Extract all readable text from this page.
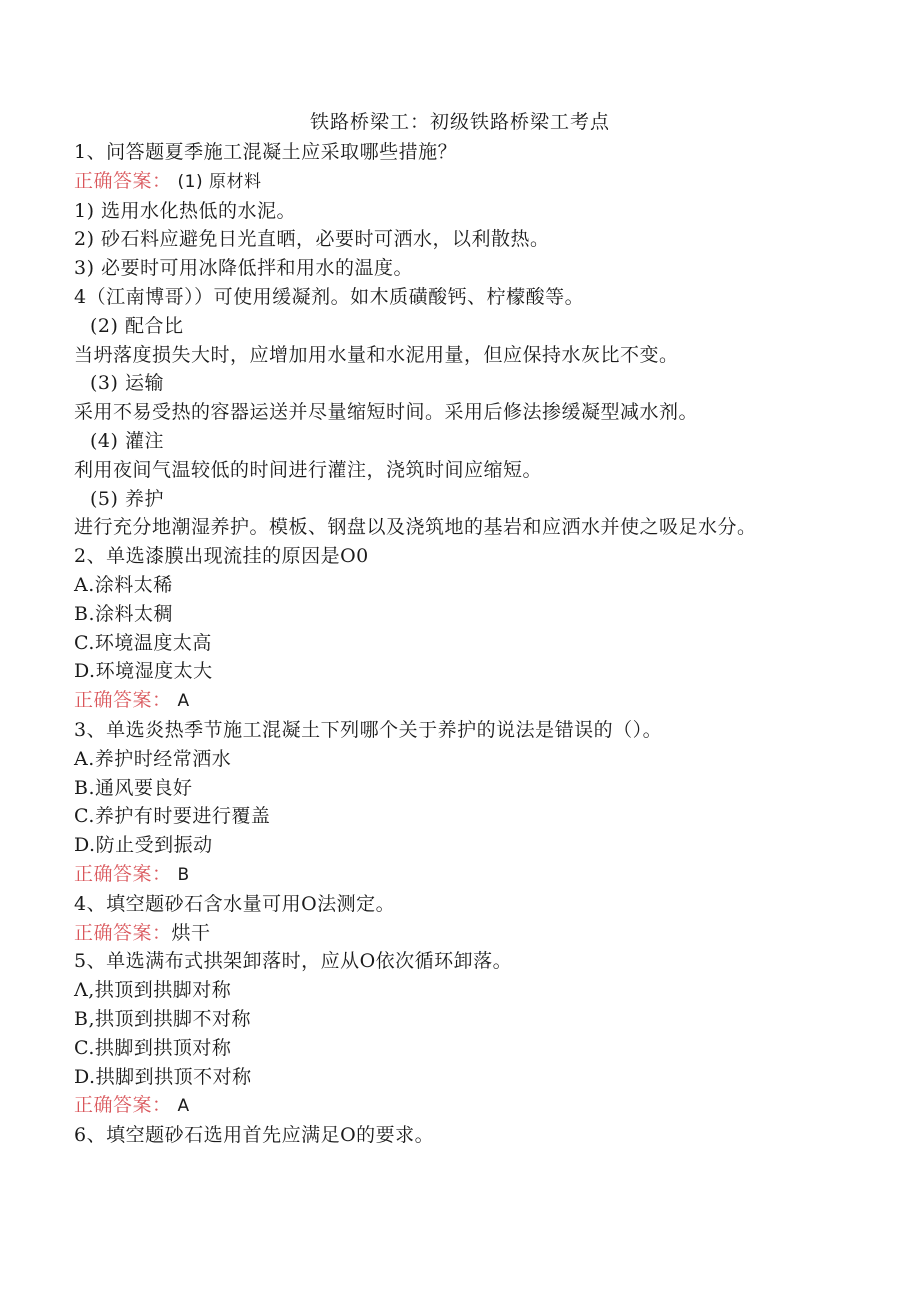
铁路桥梁工：初级铁路桥梁工考点
1、问答题夏季施工混凝土应采取哪些措施？
正确答案： (1) 原材料
1) 选用水化热低的水泥。
2) 砂石料应避免日光直晒，必要时可洒水，以利散热。
3) 必要时可用冰降低拌和用水的温度。
4（江南博哥））可使用缓凝剂。如木质磺酸钙、柠檬酸等。
(2) 配合比
当坍落度损失大时，应增加用水量和水泥用量，但应保持水灰比不变。
(3) 运输
采用不易受热的容器运送并尽量缩短时间。采用后修法掺缓凝型减水剂。
(4) 灌注
利用夜间气温较低的时间进行灌注，浇筑时间应缩短。
(5) 养护
进行充分地潮湿养护。模板、钢盘以及浇筑地的基岩和应洒水并使之吸足水分。
2、单选漆膜出现流挂的原因是O0
A.涂料太稀
B.涂料太稠
C.环境温度太高
D.环境湿度太大
正确答案： A
3、单选炎热季节施工混凝土下列哪个关于养护的说法是错误的（）。
A.养护时经常洒水
B.通风要良好
C.养护有时要进行覆盖
D.防止受到振动
正确答案： B
4、填空题砂石含水量可用O法测定。
正确答案：烘干
5、单选满布式拱架卸落时，应从O依次循环卸落。
Λ,拱顶到拱脚对称
B,拱顶到拱脚不对称
C.拱脚到拱顶对称
D.拱脚到拱顶不对称
正确答案： A
6、填空题砂石选用首先应满足O的要求。
